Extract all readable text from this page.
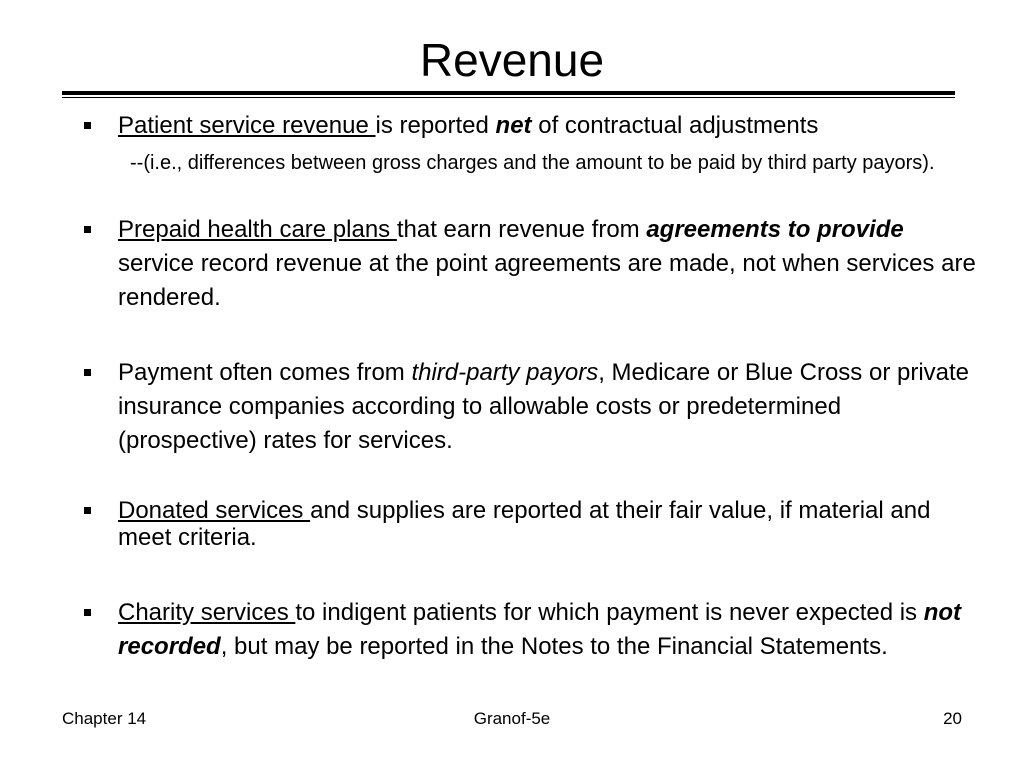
Revenue
Patient service revenue is reported net of contractual adjustments
--(i.e., differences between gross charges and the amount to be paid by third party payors).
Prepaid health care plans that earn revenue from agreements to provide service record revenue at the point agreements are made, not when services are rendered.
Payment often comes from third-party payors, Medicare or Blue Cross or private insurance companies according to allowable costs or predetermined (prospective) rates for services.
Donated services and supplies are reported at their fair value, if material and meet criteria.
Charity services to indigent patients for which payment is never expected is not recorded, but may be reported in the Notes to the Financial Statements.
Chapter 14	Granof-5e	20
